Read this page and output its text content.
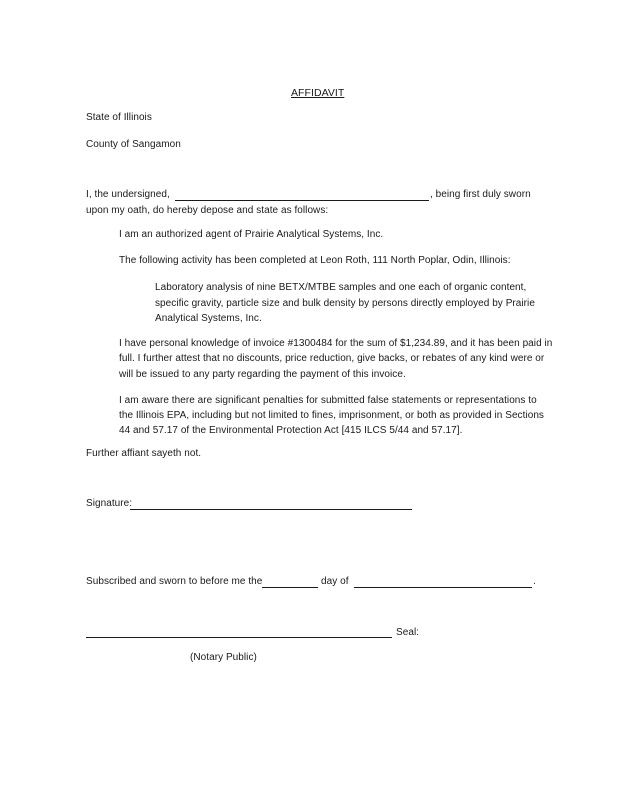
AFFIDAVIT
State of Illinois
County of Sangamon
I, the undersigned,	, being first duly sworn
upon my oath, do hereby depose and state as follows:
I am an authorized agent of Prairie Analytical Systems, Inc.
The following activity has been completed at Leon Roth, 111 North Poplar, Odin, Illinois:
Laboratory analysis of nine BETX/MTBE samples and one each of organic content,
specific gravity, particle size and bulk density by persons directly employed by Prairie
Analytical Systems, Inc.
I have personal knowledge of invoice #1300484 for the sum of $1,234.89, and it has been paid in
full. I further attest that no discounts, price reduction, give backs, or rebates of any kind were or
will be issued to any party regarding the payment of this invoice.
I am aware there are significant penalties for submitted false statements or representations to
the Illinois EPA, including but not limited to fines, imprisonment, or both as provided in Sections
44 and 57.17 of the Environmental Protection Act [415 ILCS 5/44 and 57.17].
Further affiant sayeth not.
Signature:
Subscribed and sworn to before me the	day of	.
Seal:
(Notary Public)
